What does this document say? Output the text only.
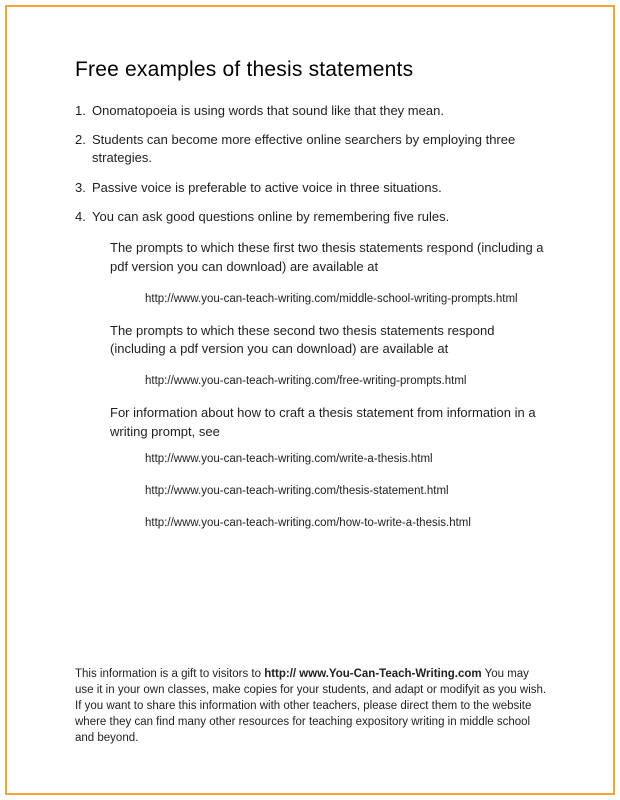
Free examples of thesis statements
1. Onomatopoeia is using words that sound like that they mean.
2. Students can become more effective online searchers by employing three strategies.
3. Passive voice is preferable to active voice in three situations.
4. You can ask good questions online by remembering five rules.

The prompts to which these first two thesis statements respond (including a pdf version you can download) are available at

http://www.you-can-teach-writing.com/middle-school-writing-prompts.html

The prompts to which these second two thesis statements respond (including a pdf version you can download) are available at

http://www.you-can-teach-writing.com/free-writing-prompts.html

For information about how to craft a thesis statement from information in a writing prompt, see

http://www.you-can-teach-writing.com/write-a-thesis.html

http://www.you-can-teach-writing.com/thesis-statement.html

http://www.you-can-teach-writing.com/how-to-write-a-thesis.html

This information is a gift to visitors to http:// www.You-Can-Teach-Writing.com You may use it in your own classes, make copies for your students, and adapt or modifyit as you wish. If you want to share this information with other teachers, please direct them to the website where they can find many other resources for teaching expository writing in middle school and beyond.
